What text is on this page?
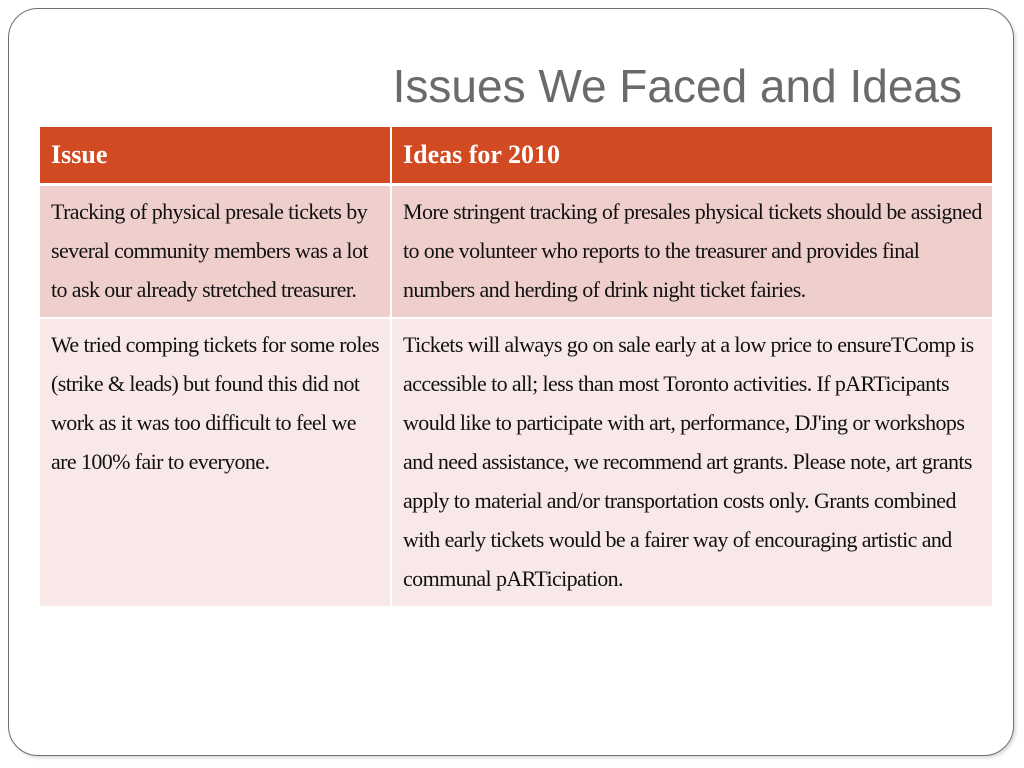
Issues We Faced and Ideas
Issue	Ideas for 2010
Tracking of physical presale tickets by several community members was a lot to ask our already stretched treasurer.	More stringent tracking of presales physical tickets should be assigned to one volunteer who reports to the treasurer and provides final numbers and herding of drink night ticket fairies.
We tried comping tickets for some roles (strike & leads) but found this did not work as it was too difficult to feel we are 100% fair to everyone.	Tickets will always go on sale early at a low price to ensureTComp is accessible to all; less than most Toronto activities. If pARTicipants would like to participate with art, performance, DJ'ing or workshops and need assistance, we recommend art grants. Please note, art grants apply to material and/or transportation costs only. Grants combined with early tickets would be a fairer way of encouraging artistic and communal pARTicipation.
